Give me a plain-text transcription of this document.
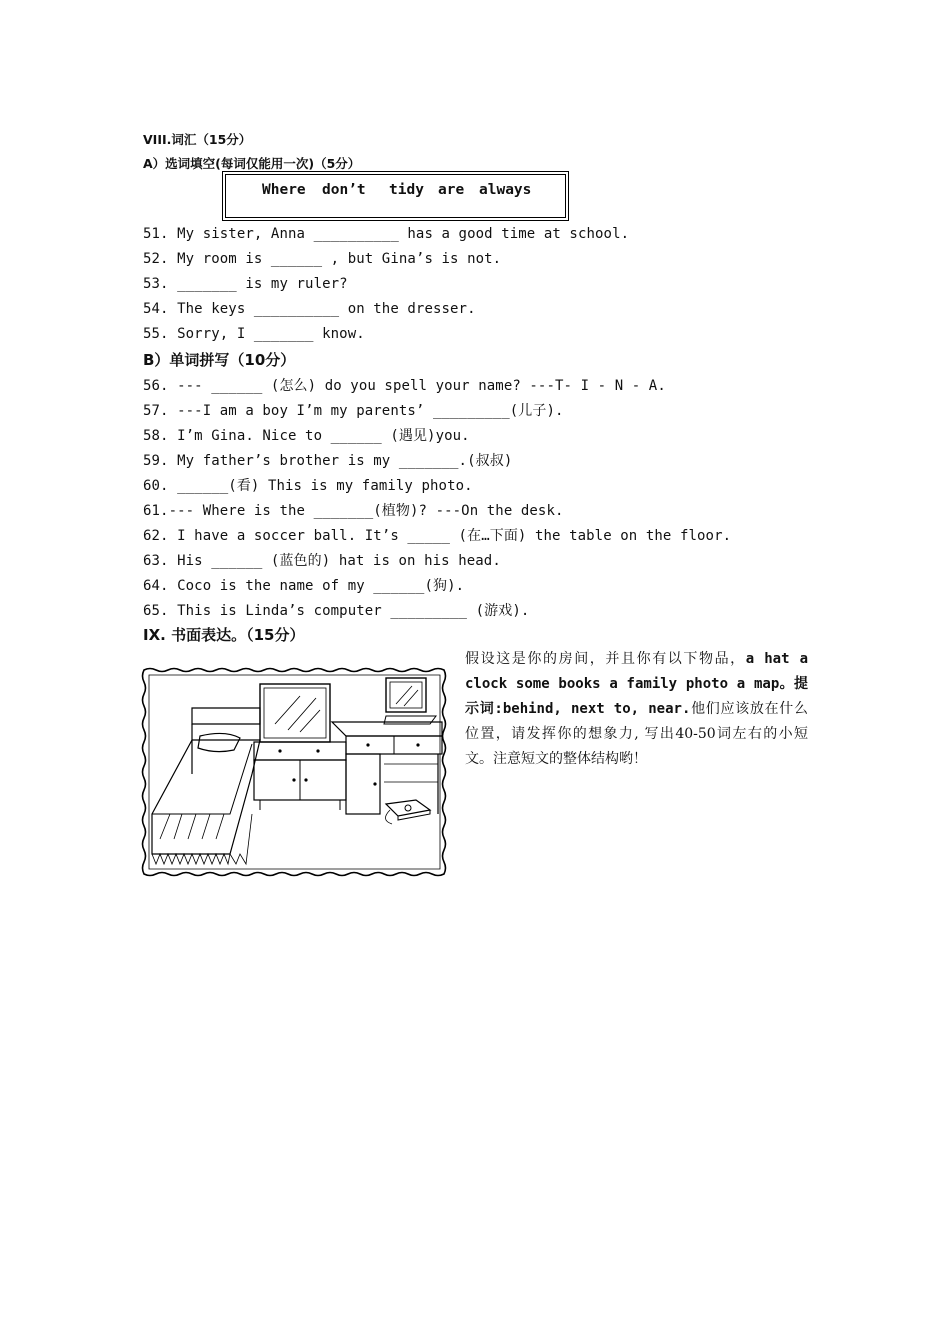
VIII.词汇（15分）
A）选词填空(每词仅能用一次)（5分）
Where don’t tidy are always
51. My sister, Anna __________ has a good time at school.
52. My room is ______ , but Gina’s is not.
53. _______ is my ruler?
54. The keys __________ on the dresser.
55. Sorry, I _______ know.
B）单词拼写（10分）
56. --- ______ (怎么) do you spell your name? ---T- I - N - A.
57. ---I am a boy I’m my parents’ _________(儿子).
58. I’m Gina. Nice to ______ (遇见)you.
59. My father’s brother is my _______.(叔叔)
60. ______(看) This is my family photo.
61.--- Where is the _______(植物)? ---On the desk.
62. I have a soccer ball. It’s _____ (在…下面) the table on the floor.
63. His ______ (蓝色的) hat is on his head.
64. Coco is the name of my ______(狗).
65. This is Linda’s computer _________ (游戏).
IX. 书面表达。（15分）
假设这是你的房间，并且你有以下物品，a hat a clock some books a family photo a map。提示词:behind, next to, near.他们应该放在什么位置，请发挥你的想象力, 写出40-50词左右的小短文。注意短文的整体结构哟！
